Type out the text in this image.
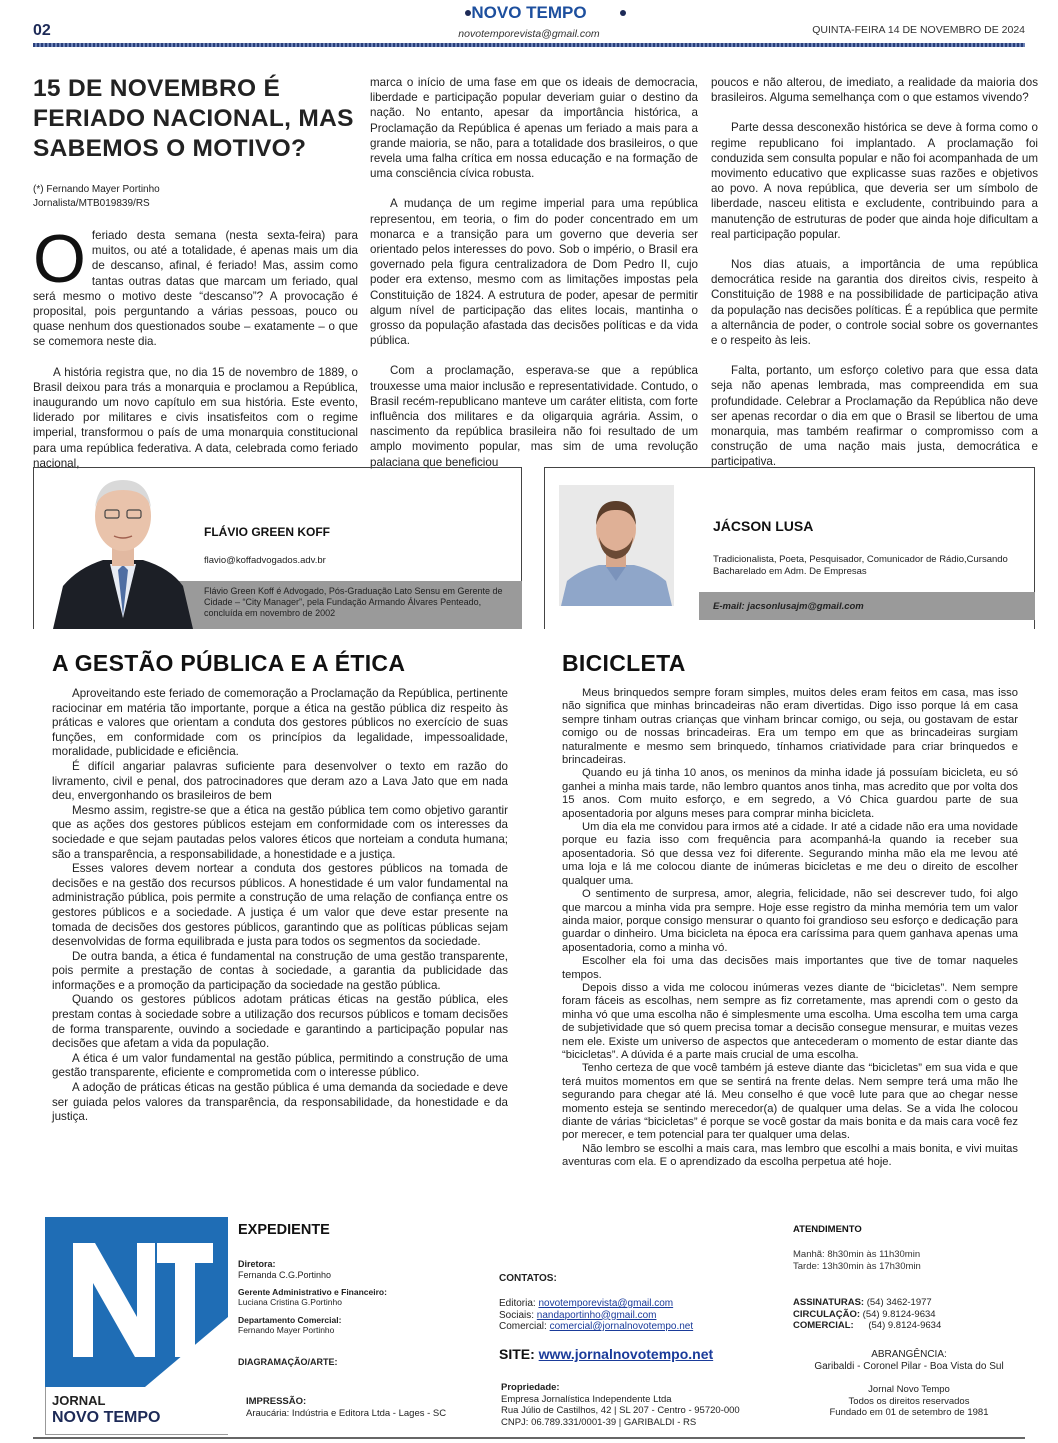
02
NOVO TEMPO
novotemporevista@gmail.com	QUINTA-FEIRA 14 DE NOVEMBRO DE 2024
15 DE NOVEMBRO É FERIADO NACIONAL, MAS SABEMOS O MOTIVO?
(*) Fernando Mayer Portinho
Jornalista/MTB019839/RS

Oferiado desta semana (nesta sexta-feira) para muitos, ou até a totalidade, é apenas mais um dia de descanso, afinal, é feriado! Mas, assim como tantas outras datas que marcam um feriado, qual será mesmo o motivo deste “descanso”? A provocação é proposital, pois perguntando a várias pessoas, pouco ou quase nenhum dos questionados soube – exatamente – o que se comemora neste dia.

A história registra que, no dia 15 de novembro de 1889, o Brasil deixou para trás a monarquia e proclamou a República, inaugurando um novo capítulo em sua história. Este evento, liderado por militares e civis insatisfeitos com o regime imperial, transformou o país de uma monarquia constitucional para uma república federativa. A data, celebrada como feriado nacional,

marca o início de uma fase em que os ideais de democracia, liberdade e participação popular deveriam guiar o destino da nação. No entanto, apesar da importância histórica, a Proclamação da República é apenas um feriado a mais para a grande maioria, se não, para a totalidade dos brasileiros, o que revela uma falha crítica em nossa educação e na formação de uma consciência cívica robusta.

A mudança de um regime imperial para uma república representou, em teoria, o fim do poder concentrado em um monarca e a transição para um governo que deveria ser orientado pelos interesses do povo. Sob o império, o Brasil era governado pela figura centralizadora de Dom Pedro II, cujo poder era extenso, mesmo com as limitações impostas pela Constituição de 1824. A estrutura de poder, apesar de permitir algum nível de participação das elites locais, mantinha o grosso da população afastada das decisões políticas e da vida pública.

Com a proclamação, esperava-se que a república trouxesse uma maior inclusão e representatividade. Contudo, o Brasil recém-republicano manteve um caráter elitista, com forte influência dos militares e da oligarquia agrária. Assim, o nascimento da república brasileira não foi resultado de um amplo movimento popular, mas sim de uma revolução palaciana que beneficiou

poucos e não alterou, de imediato, a realidade da maioria dos brasileiros. Alguma semelhança com o que estamos vivendo?

Parte dessa desconexão histórica se deve à forma como o regime republicano foi implantado. A proclamação foi conduzida sem consulta popular e não foi acompanhada de um movimento educativo que explicasse suas razões e objetivos ao povo. A nova república, que deveria ser um símbolo de liberdade, nasceu elitista e excludente, contribuindo para a manutenção de estruturas de poder que ainda hoje dificultam a real participação popular.

Nos dias atuais, a importância de uma república democrática reside na garantia dos direitos civis, respeito à Constituição de 1988 e na possibilidade de participação ativa da população nas decisões políticas. É a república que permite a alternância de poder, o controle social sobre os governantes e o respeito às leis.

Falta, portanto, um esforço coletivo para que essa data seja não apenas lembrada, mas compreendida em sua profundidade. Celebrar a Proclamação da República não deve ser apenas recordar o dia em que o Brasil se libertou de uma monarquia, mas também reafirmar o compromisso com a construção de uma nação mais justa, democrática e participativa.

FLÁVIO GREEN KOFF
flavio@koffadvogados.adv.br
Flávio Green Koff é Advogado, Pós-Graduação Lato Sensu em Gerente de Cidade – “City Manager”, pela Fundação Armando Álvares Penteado, concluída em novembro de 2002
A GESTÃO PÚBLICA E A ÉTICA

Aproveitando este feriado de comemoração a Proclamação da República, pertinente raciocinar em matéria tão importante, porque a ética na gestão pública diz respeito às práticas e valores que orientam a conduta dos gestores públicos no exercício de suas funções, em conformidade com os princípios da legalidade, impessoalidade, moralidade, publicidade e eficiência.

É difícil angariar palavras suficiente para desenvolver o texto em razão do livramento, civil e penal, dos patrocinadores que deram azo a Lava Jato que em nada deu, envergonhando os brasileiros de bem

Mesmo assim, registre-se que a ética na gestão pública tem como objetivo garantir que as ações dos gestores públicos estejam em conformidade com os interesses da sociedade e que sejam pautadas pelos valores éticos que norteiam a conduta humana; são a transparência, a responsabilidade, a honestidade e a justiça.

Esses valores devem nortear a conduta dos gestores públicos na tomada de decisões e na gestão dos recursos públicos. A honestidade é um valor fundamental na administração pública, pois permite a construção de uma relação de confiança entre os gestores públicos e a sociedade. A justiça é um valor que deve estar presente na tomada de decisões dos gestores públicos, garantindo que as políticas públicas sejam desenvolvidas de forma equilibrada e justa para todos os segmentos da sociedade.

De outra banda, a ética é fundamental na construção de uma gestão transparente, pois permite a prestação de contas à sociedade, a garantia da publicidade das informações e a promoção da participação da sociedade na gestão pública.

Quando os gestores públicos adotam práticas éticas na gestão pública, eles prestam contas à sociedade sobre a utilização dos recursos públicos e tomam decisões de forma transparente, ouvindo a sociedade e garantindo a participação popular nas decisões que afetam a vida da população.

A ética é um valor fundamental na gestão pública, permitindo a construção de uma gestão transparente, eficiente e comprometida com o interesse público.

A adoção de práticas éticas na gestão pública é uma demanda da sociedade e deve ser guiada pelos valores da transparência, da responsabilidade, da honestidade e da justiça.

JÁCSON LUSA
Tradicionalista, Poeta, Pesquisador, Comunicador de Rádio,Cursando Bacharelado em Adm. De Empresas
E-mail: jacsonlusajm@gmail.com
BICICLETA

Meus brinquedos sempre foram simples, muitos deles eram feitos em casa, mas isso não significa que minhas brincadeiras não eram divertidas. Digo isso porque lá em casa sempre tinham outras crianças que vinham brincar comigo, ou seja, ou gostavam de estar comigo ou de nossas brincadeiras. Era um tempo em que as brincadeiras surgiam naturalmente e mesmo sem brinquedo, tínhamos criatividade para criar brinquedos e brincadeiras.

Quando eu já tinha 10 anos, os meninos da minha idade já possuíam bicicleta, eu só ganhei a minha mais tarde, não lembro quantos anos tinha, mas acredito que por volta dos 15 anos. Com muito esforço, e em segredo, a Vó Chica guardou parte de sua aposentadoria por alguns meses para comprar minha bicicleta.

Um dia ela me convidou para irmos até a cidade. Ir até a cidade não era uma novidade porque eu fazia isso com frequência para acompanhá-la quando ia receber sua aposentadoria. Só que dessa vez foi diferente. Segurando minha mão ela me levou até uma loja e lá me colocou diante de inúmeras bicicletas e me deu o direito de escolher qualquer uma.

O sentimento de surpresa, amor, alegria, felicidade, não sei descrever tudo, foi algo que marcou a minha vida pra sempre. Hoje esse registro da minha memória tem um valor ainda maior, porque consigo mensurar o quanto foi grandioso seu esforço e dedicação para guardar o dinheiro. Uma bicicleta na época era caríssima para quem ganhava apenas uma aposentadoria, como a minha vó.

Escolher ela foi uma das decisões mais importantes que tive de tomar naqueles tempos.

Depois disso a vida me colocou inúmeras vezes diante de “bicicletas”. Nem sempre foram fáceis as escolhas, nem sempre as fiz corretamente, mas aprendi com o gesto da minha vó que uma escolha não é simplesmente uma escolha. Uma escolha tem uma carga de subjetividade que só quem precisa tomar a decisão consegue mensurar, e muitas vezes nem ele. Existe um universo de aspectos que antecederam o momento de estar diante das “bicicletas”. A dúvida é a parte mais crucial de uma escolha.

Tenho certeza de que você também já esteve diante das “bicicletas” em sua vida e que terá muitos momentos em que se sentirá na frente delas. Nem sempre terá uma mão lhe segurando para chegar até lá. Meu conselho é que você lute para que ao chegar nesse momento esteja se sentindo merecedor(a) de qualquer uma delas. Se a vida lhe colocou diante de várias “bicicletas” é porque se você gostar da mais bonita e da mais cara você fez por merecer, e tem potencial para ter qualquer uma delas.

Não lembro se escolhi a mais cara, mas lembro que escolhi a mais bonita, e vivi muitas aventuras com ela. E o aprendizado da escolha perpetua até hoje.

JORNAL
NOVO TEMPO
EXPEDIENTE
Diretora:
Fernanda C.G.Portinho
Gerente Administrativo e Financeiro:
Luciana Cristina G.Portinho
Departamento Comercial:
Fernando Mayer Portinho
DIAGRAMAÇÃO/ARTE:
IMPRESSÃO:
Araucária: Indústria e Editora Ltda - Lages - SC
CONTATOS:
Editoria: novotemporevista@gmail.com
Sociais: nandaportinho@gmail.com
Comercial: comercial@jornalnovotempo.net
SITE: www.jornalnovotempo.net
Propriedade:
Empresa Jornalística Independente Ltda
Rua Júlio de Castilhos, 42 | SL 207 - Centro - 95720-000
CNPJ: 06.789.331/0001-39 | GARIBALDI - RS
ATENDIMENTO
Manhã: 8h30min às 11h30min
Tarde: 13h30min às 17h30min
ASSINATURAS: (54) 3462-1977
CIRCULAÇÃO: (54) 9.8124-9634
COMERCIAL: (54) 9.8124-9634
ABRANGÊNCIA:
Garibaldi - Coronel Pilar - Boa Vista do Sul
Jornal Novo Tempo
Todos os direitos reservados
Fundado em 01 de setembro de 1981
